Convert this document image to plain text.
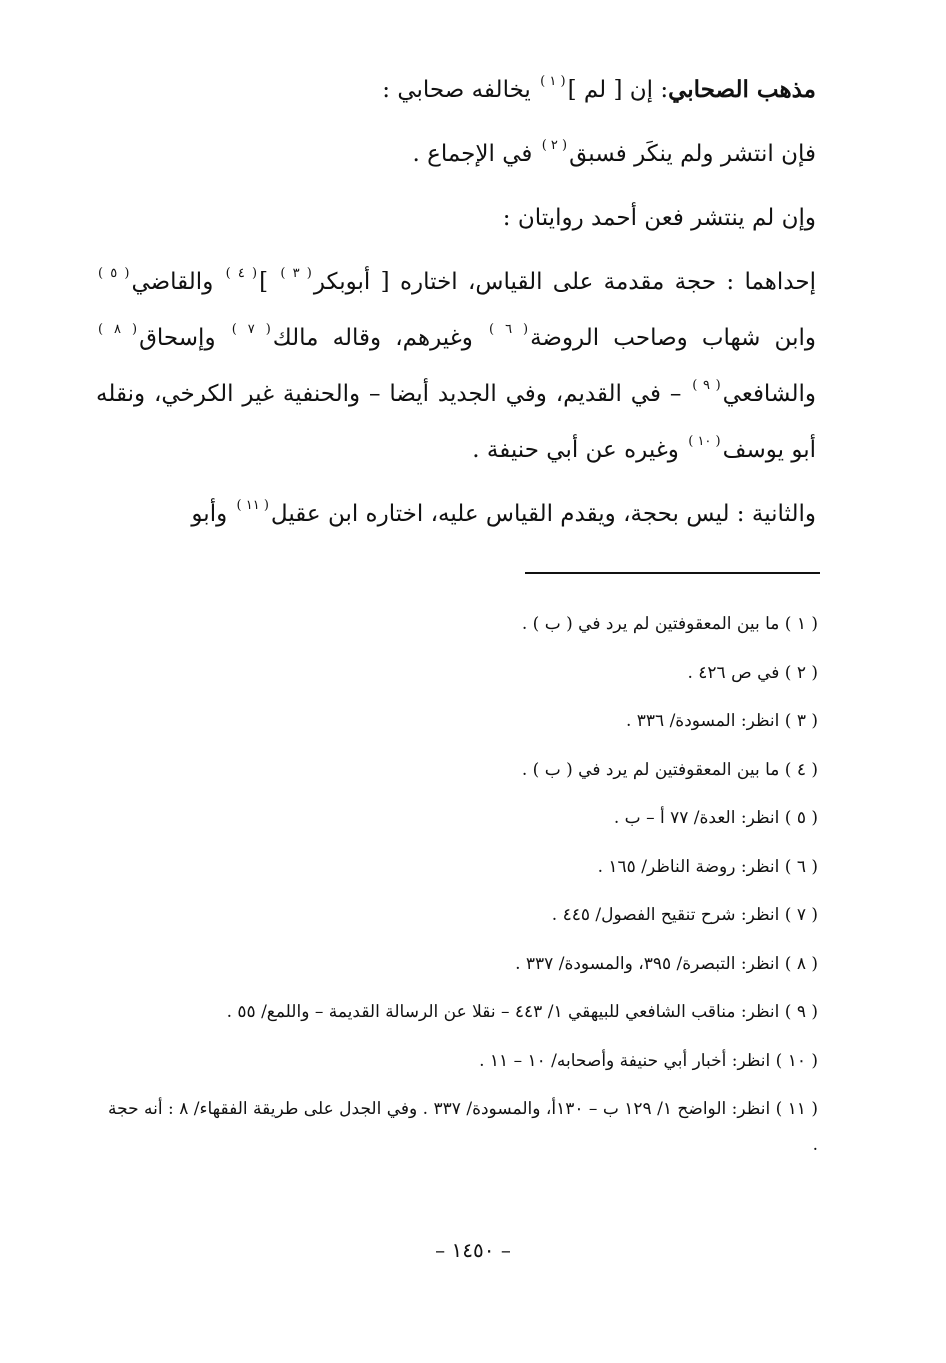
مذهب الصحابي: إن [ لم ]$^{( ١ )}$ يخالفه صحابي :

فإن انتشر ولم ينكَر فسبق$^{( ٢ )}$ في الإجماع .

وإن لم ينتشر فعن أحمد روايتان :

إحداهما : حجة مقدمة على القياس، اختاره [ أبوبكر$^{( ٣ )}$ ]$^{( ٤ )}$ والقاضي$^{( ٥ )}$ وابن شهاب وصاحب الروضة$^{( ٦ )}$ وغيرهم، وقاله مالك$^{( ٧ )}$ وإسحاق$^{( ٨ )}$ والشافعي$^{( ٩ )}$ – في القديم، وفي الجديد أيضا – والحنفية غير الكرخي، ونقله أبو يوسف$^{( ١٠ )}$ وغيره عن أبي حنيفة .

والثانية : ليس بحجة، ويقدم القياس عليه، اختاره ابن عقيل$^{( ١١ )}$ وأبو

( ١ ) ما بين المعقوفتين لم يرد في ( ب ) .

( ٢ ) في ص ٤٢٦ .

( ٣ ) انظر: المسودة/ ٣٣٦ .

( ٤ ) ما بين المعقوفتين لم يرد في ( ب ) .

( ٥ ) انظر: العدة/ ٧٧ أ – ب .

( ٦ ) انظر: روضة الناظر/ ١٦٥ .

( ٧ ) انظر: شرح تنقيح الفصول/ ٤٤٥ .

( ٨ ) انظر: التبصرة/ ٣٩٥، والمسودة/ ٣٣٧ .

( ٩ ) انظر: مناقب الشافعي للبيهقي ١/ ٤٤٣ – نقلا عن الرسالة القديمة – واللمع/ ٥٥ .

( ١٠ ) انظر: أخبار أبي حنيفة وأصحابه/ ١٠ – ١١ .

( ١١ ) انظر: الواضح ١/ ١٢٩ ب – ١٣٠أ، والمسودة/ ٣٣٧ . وفي الجدل على طريقة الفقهاء/ ٨ : أنه حجة .

– ١٤٥٠ –
